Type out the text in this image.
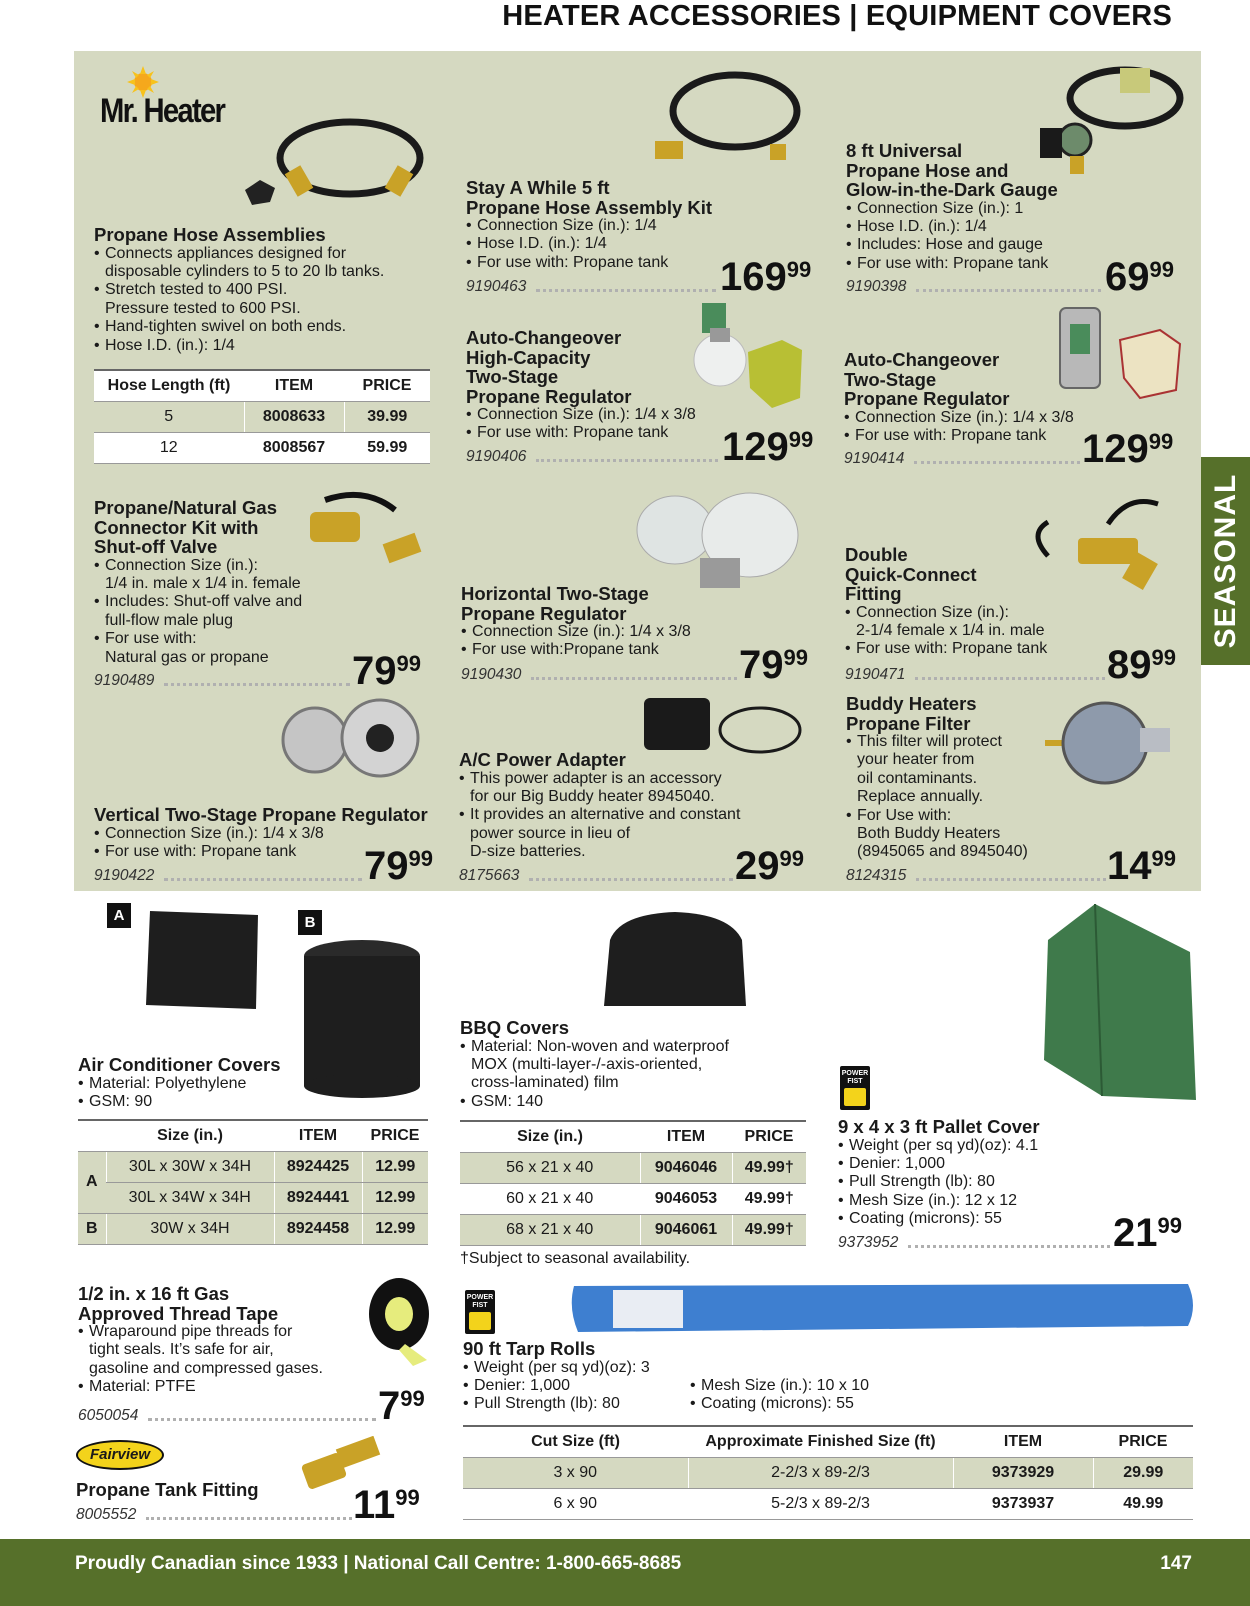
HEATER ACCESSORIES | EQUIPMENT COVERS
SEASONAL
Mr. Heater
Propane Hose Assemblies
• Connects appliances designed for
disposable cylinders to 5 to 20 lb tanks.
• Stretch tested to 400 PSI.
Pressure tested to 600 PSI.
• Hand-tighten swivel on both ends.
• Hose I.D. (in.): 1/4
Hose Length (ft)	ITEM	PRICE
5	8008633	39.99
12	8008567	59.99
Stay A While 5 ft
Propane Hose Assembly Kit
• Connection Size (in.): 1/4
• Hose I.D. (in.): 1/4
• For use with: Propane tank
9190463	16999
8 ft Universal
Propane Hose and
Glow-in-the-Dark Gauge
• Connection Size (in.): 1
• Hose I.D. (in.): 1/4
• Includes: Hose and gauge
• For use with: Propane tank
9190398	6999
Auto-Changeover
High-Capacity
Two-Stage
Propane Regulator
• Connection Size (in.): 1/4 x 3/8
• For use with: Propane tank
9190406	12999
Auto-Changeover
Two-Stage
Propane Regulator
• Connection Size (in.): 1/4 x 3/8
• For use with: Propane tank
9190414	12999
Propane/Natural Gas
Connector Kit with
Shut-off Valve
• Connection Size (in.):
1/4 in. male x 1/4 in. female
• Includes: Shut-off valve and
full-flow male plug
• For use with:
Natural gas or propane
9190489	7999
Horizontal Two-Stage
Propane Regulator
• Connection Size (in.): 1/4 x 3/8
• For use with:Propane tank
9190430	7999
Double
Quick-Connect
Fitting
• Connection Size (in.):
2-1/4 female x 1/4 in. male
• For use with: Propane tank
9190471	8999
Vertical Two-Stage Propane Regulator
• Connection Size (in.): 1/4 x 3/8
• For use with: Propane tank
9190422	7999
A/C Power Adapter
• This power adapter is an accessory
for our Big Buddy heater 8945040.
• It provides an alternative and constant
power source in lieu of
D-size batteries.
8175663	2999
Buddy Heaters
Propane Filter
• This filter will protect
your heater from
oil contaminants.
Replace annually.
• For Use with:
Both Buddy Heaters
(8945065 and 8945040)
8124315	1499
A	B
Air Conditioner Covers
• Material: Polyethylene
• GSM: 90
	Size (in.)	ITEM	PRICE
A	30L x 30W x 34H	8924425	12.99
	30L x 34W x 34H	8924441	12.99
B	30W x 34H	8924458	12.99
BBQ Covers
• Material: Non-woven and waterproof
MOX (multi-layer-/-axis-oriented,
cross-laminated) film
• GSM: 140
Size (in.)	ITEM	PRICE
56 x 21 x 40	9046046	49.99†
60 x 21 x 40	9046053	49.99†
68 x 21 x 40	9046061	49.99†
†Subject to seasonal availability.
POWER FIST
9 x 4 x 3 ft Pallet Cover
• Weight (per sq yd)(oz): 4.1
• Denier: 1,000
• Pull Strength (lb): 80
• Mesh Size (in.): 12 x 12
• Coating (microns): 55
9373952	2199
1/2 in. x 16 ft Gas
Approved Thread Tape
• Wraparound pipe threads for
tight seals. It’s safe for air,
gasoline and compressed gases.
• Material: PTFE
6050054	799
Fairview
Propane Tank Fitting
8005552	1199
POWER FIST
90 ft Tarp Rolls
• Weight (per sq yd)(oz): 3
• Denier: 1,000
• Pull Strength (lb): 80
• Mesh Size (in.): 10 x 10
• Coating (microns): 55
Cut Size (ft)	Approximate Finished Size (ft)	ITEM	PRICE
3 x 90	2-2/3 x 89-2/3	9373929	29.99
6 x 90	5-2/3 x 89-2/3	9373937	49.99
Proudly Canadian since 1933 | National Call Centre: 1-800-665-8685	147
